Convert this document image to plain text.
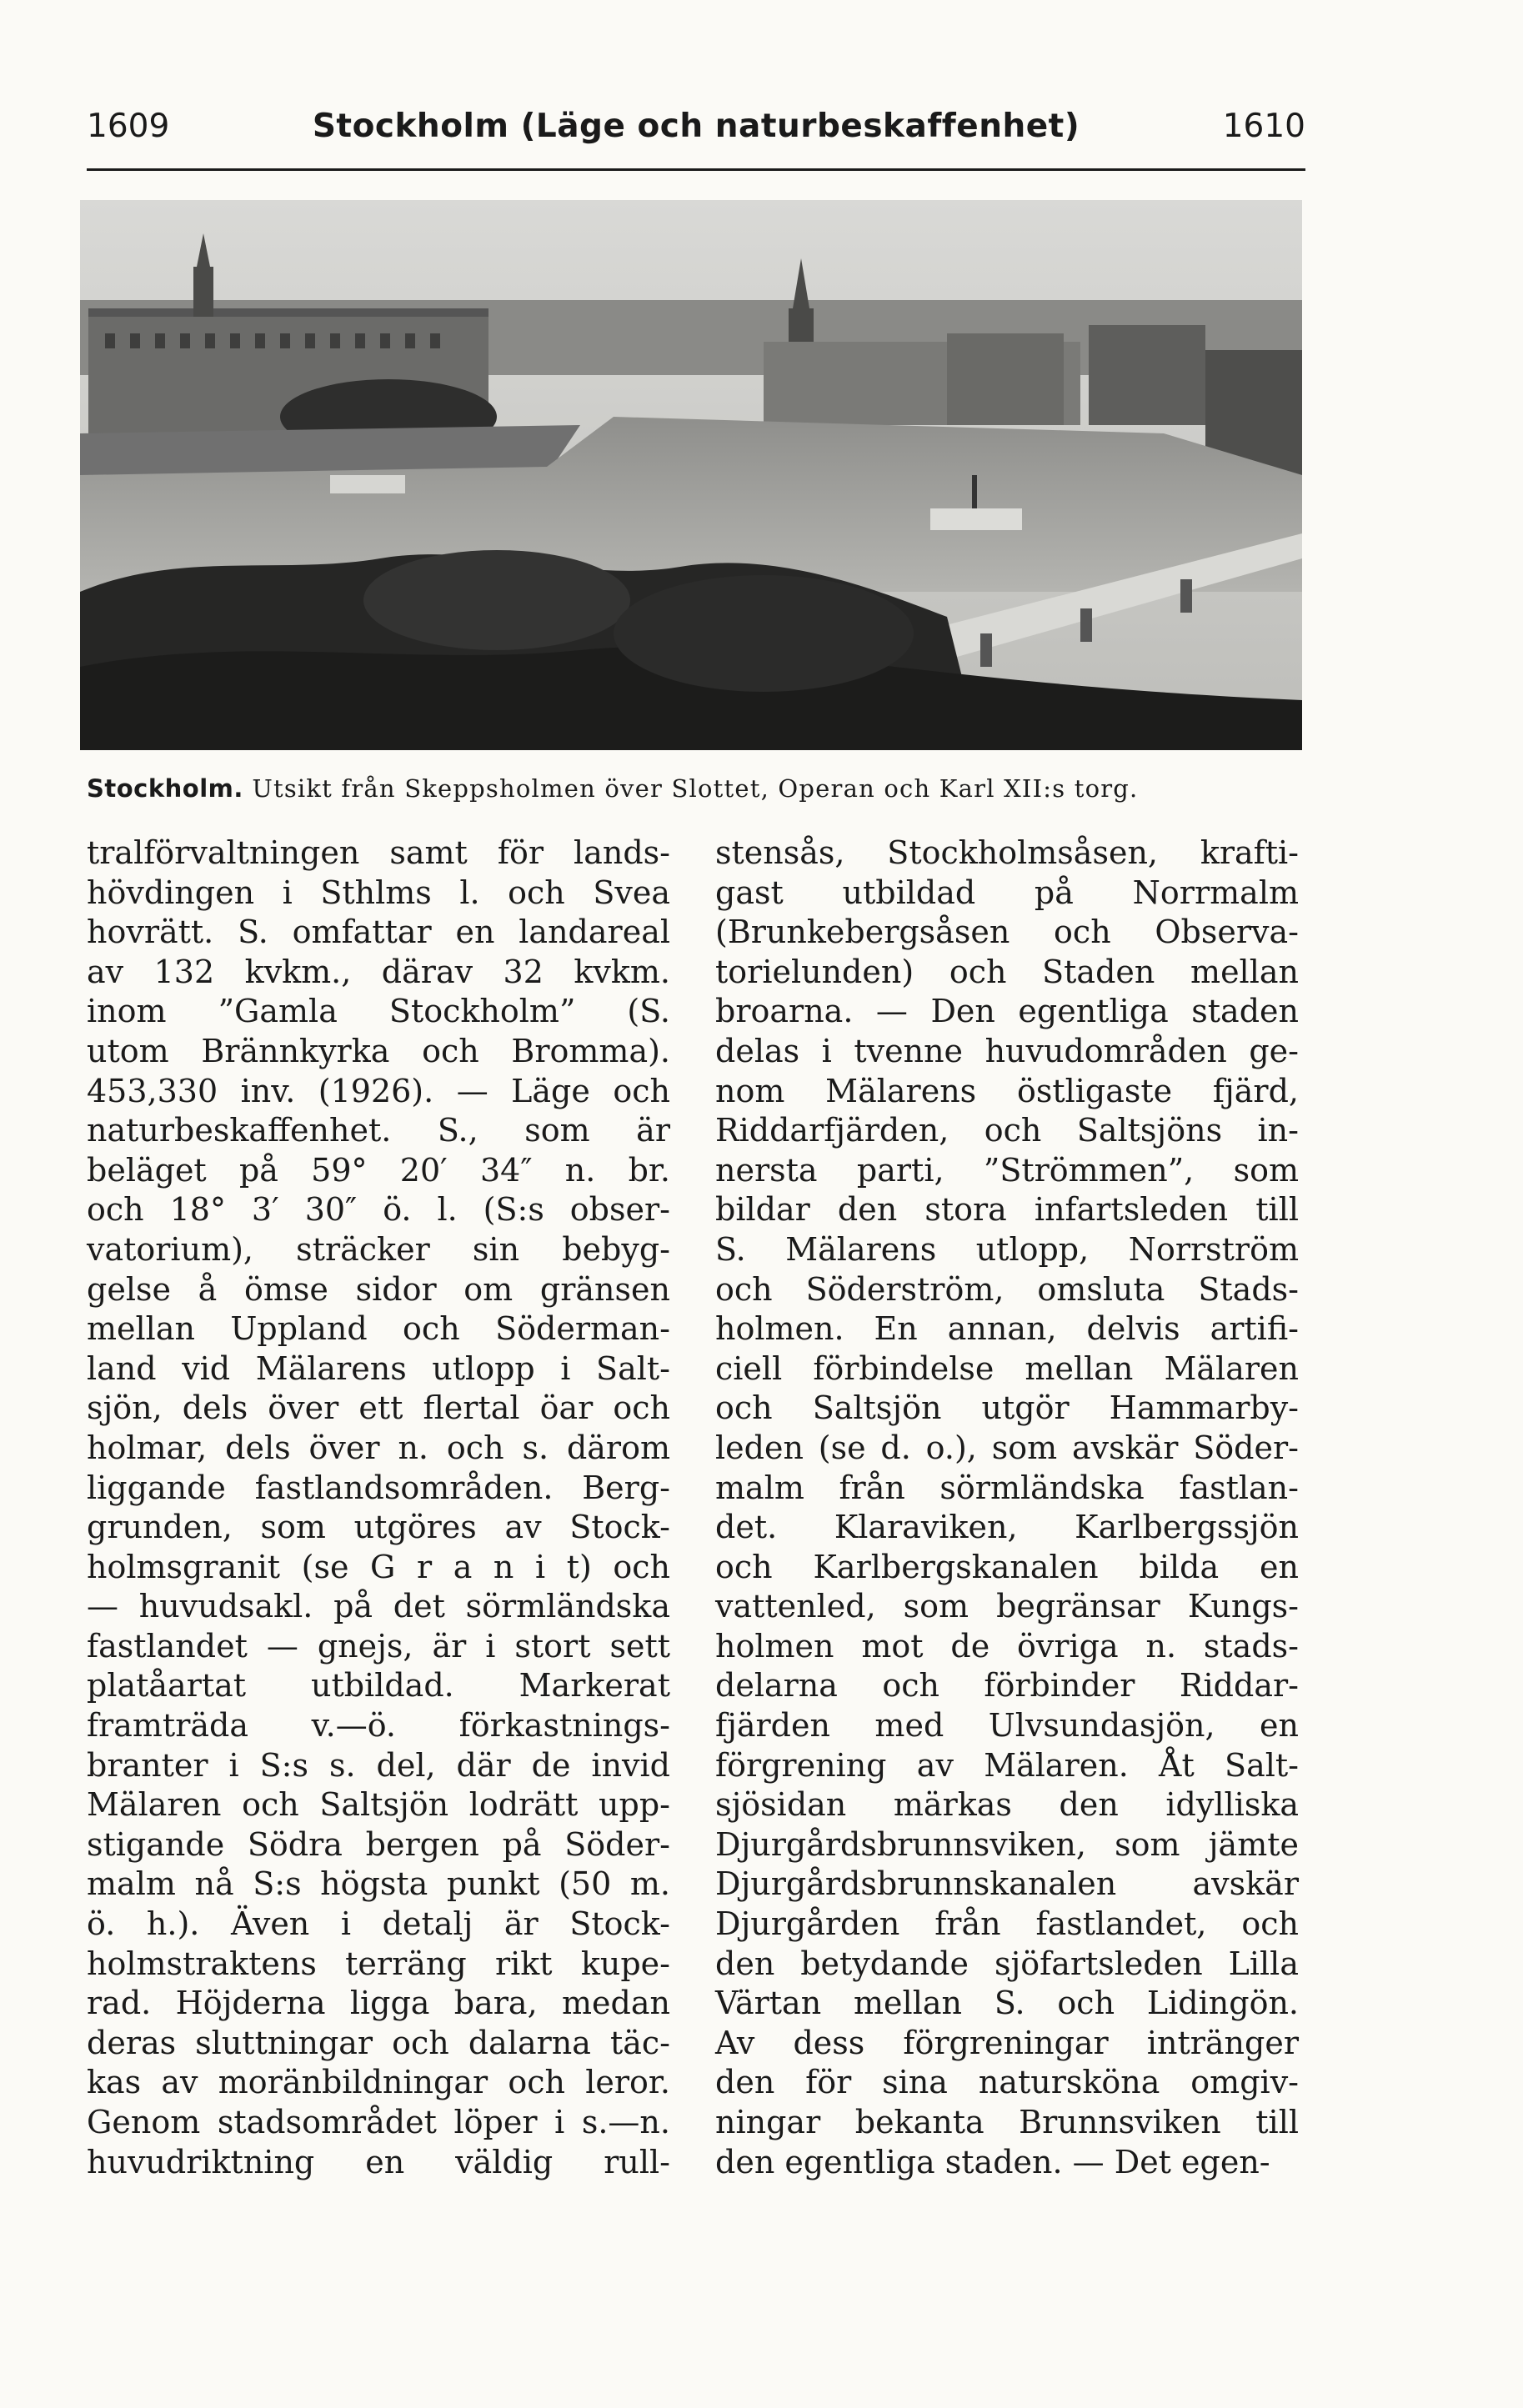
1609	Stockholm (Läge och naturbeskaffenhet)	1610
Stockholm. Utsikt från Skeppsholmen över Slottet, Operan och Karl XII:s torg.
tralförvaltningen samt för lands-
hövdingen i Sthlms l. och Svea
hovrätt. S. omfattar en landareal
av 132 kvkm., därav 32 kvkm.
inom ”Gamla Stockholm” (S.
utom Brännkyrka och Bromma).
453,330 inv. (1926). — Läge och
naturbeskaffenhet. S., som är
beläget på 59° 20′ 34″ n. br.
och 18° 3′ 30″ ö. l. (S:s obser-
vatorium), sträcker sin bebyg-
gelse å ömse sidor om gränsen
mellan Uppland och Söderman-
land vid Mälarens utlopp i Salt-
sjön, dels över ett flertal öar och
holmar, dels över n. och s. därom
liggande fastlandsområden. Berg-
grunden, som utgöres av Stock-
holmsgranit (se G r a n i t) och
— huvudsakl. på det sörmländska
fastlandet — gnejs, är i stort sett
platåartat utbildad. Markerat
framträda v.—ö. förkastnings-
branter i S:s s. del, där de invid
Mälaren och Saltsjön lodrätt upp-
stigande Södra bergen på Söder-
malm nå S:s högsta punkt (50 m.
ö. h.). Även i detalj är Stock-
holmstraktens terräng rikt kupe-
rad. Höjderna ligga bara, medan
deras sluttningar och dalarna täc-
kas av moränbildningar och leror.
Genom stadsområdet löper i s.—n.
huvudriktning en väldig rull-
stensås, Stockholmsåsen, krafti-
gast utbildad på Norrmalm
(Brunkebergsåsen och Observa-
torielunden) och Staden mellan
broarna. — Den egentliga staden
delas i tvenne huvudområden ge-
nom Mälarens östligaste fjärd,
Riddarfjärden, och Saltsjöns in-
nersta parti, ”Strömmen”, som
bildar den stora infartsleden till
S. Mälarens utlopp, Norrström
och Söderström, omsluta Stads-
holmen. En annan, delvis artifi-
ciell förbindelse mellan Mälaren
och Saltsjön utgör Hammarby-
leden (se d. o.), som avskär Söder-
malm från sörmländska fastlan-
det. Klaraviken, Karlbergssjön
och Karlbergskanalen bilda en
vattenled, som begränsar Kungs-
holmen mot de övriga n. stads-
delarna och förbinder Riddar-
fjärden med Ulvsundasjön, en
förgrening av Mälaren. Åt Salt-
sjösidan märkas den idylliska
Djurgårdsbrunnsviken, som jämte
Djurgårdsbrunnskanalen avskär
Djurgården från fastlandet, och
den betydande sjöfartsleden Lilla
Värtan mellan S. och Lidingön.
Av dess förgreningar intränger
den för sina natursköna omgiv-
ningar bekanta Brunnsviken till
den egentliga staden. — Det egen-
